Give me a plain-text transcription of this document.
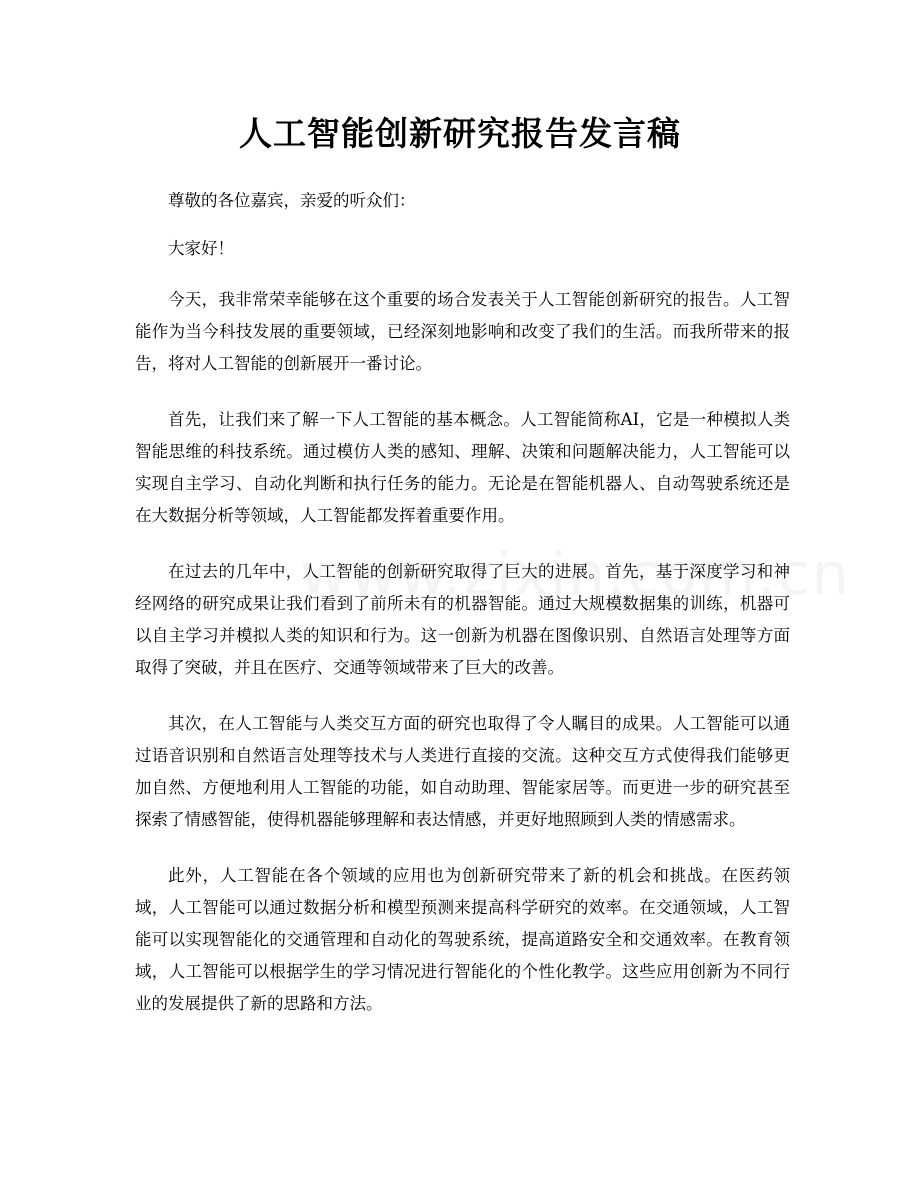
人工智能创新研究报告发言稿

尊敬的各位嘉宾，亲爱的听众们：

大家好！

今天，我非常荣幸能够在这个重要的场合发表关于人工智能创新研究的报告。人工智能作为当今科技发展的重要领域，已经深刻地影响和改变了我们的生活。而我所带来的报告，将对人工智能的创新展开一番讨论。

首先，让我们来了解一下人工智能的基本概念。人工智能简称AI，它是一种模拟人类智能思维的科技系统。通过模仿人类的感知、理解、决策和问题解决能力，人工智能可以实现自主学习、自动化判断和执行任务的能力。无论是在智能机器人、自动驾驶系统还是在大数据分析等领域，人工智能都发挥着重要作用。

在过去的几年中，人工智能的创新研究取得了巨大的进展。首先，基于深度学习和神经网络的研究成果让我们看到了前所未有的机器智能。通过大规模数据集的训练，机器可以自主学习并模拟人类的知识和行为。这一创新为机器在图像识别、自然语言处理等方面取得了突破，并且在医疗、交通等领域带来了巨大的改善。

其次，在人工智能与人类交互方面的研究也取得了令人瞩目的成果。人工智能可以通过语音识别和自然语言处理等技术与人类进行直接的交流。这种交互方式使得我们能够更加自然、方便地利用人工智能的功能，如自动助理、智能家居等。而更进一步的研究甚至探索了情感智能，使得机器能够理解和表达情感，并更好地照顾到人类的情感需求。

此外，人工智能在各个领域的应用也为创新研究带来了新的机会和挑战。在医药领域，人工智能可以通过数据分析和模型预测来提高科学研究的效率。在交通领域，人工智能可以实现智能化的交通管理和自动化的驾驶系统，提高道路安全和交通效率。在教育领域，人工智能可以根据学生的学习情况进行智能化的个性化教学。这些应用创新为不同行业的发展提供了新的思路和方法。
